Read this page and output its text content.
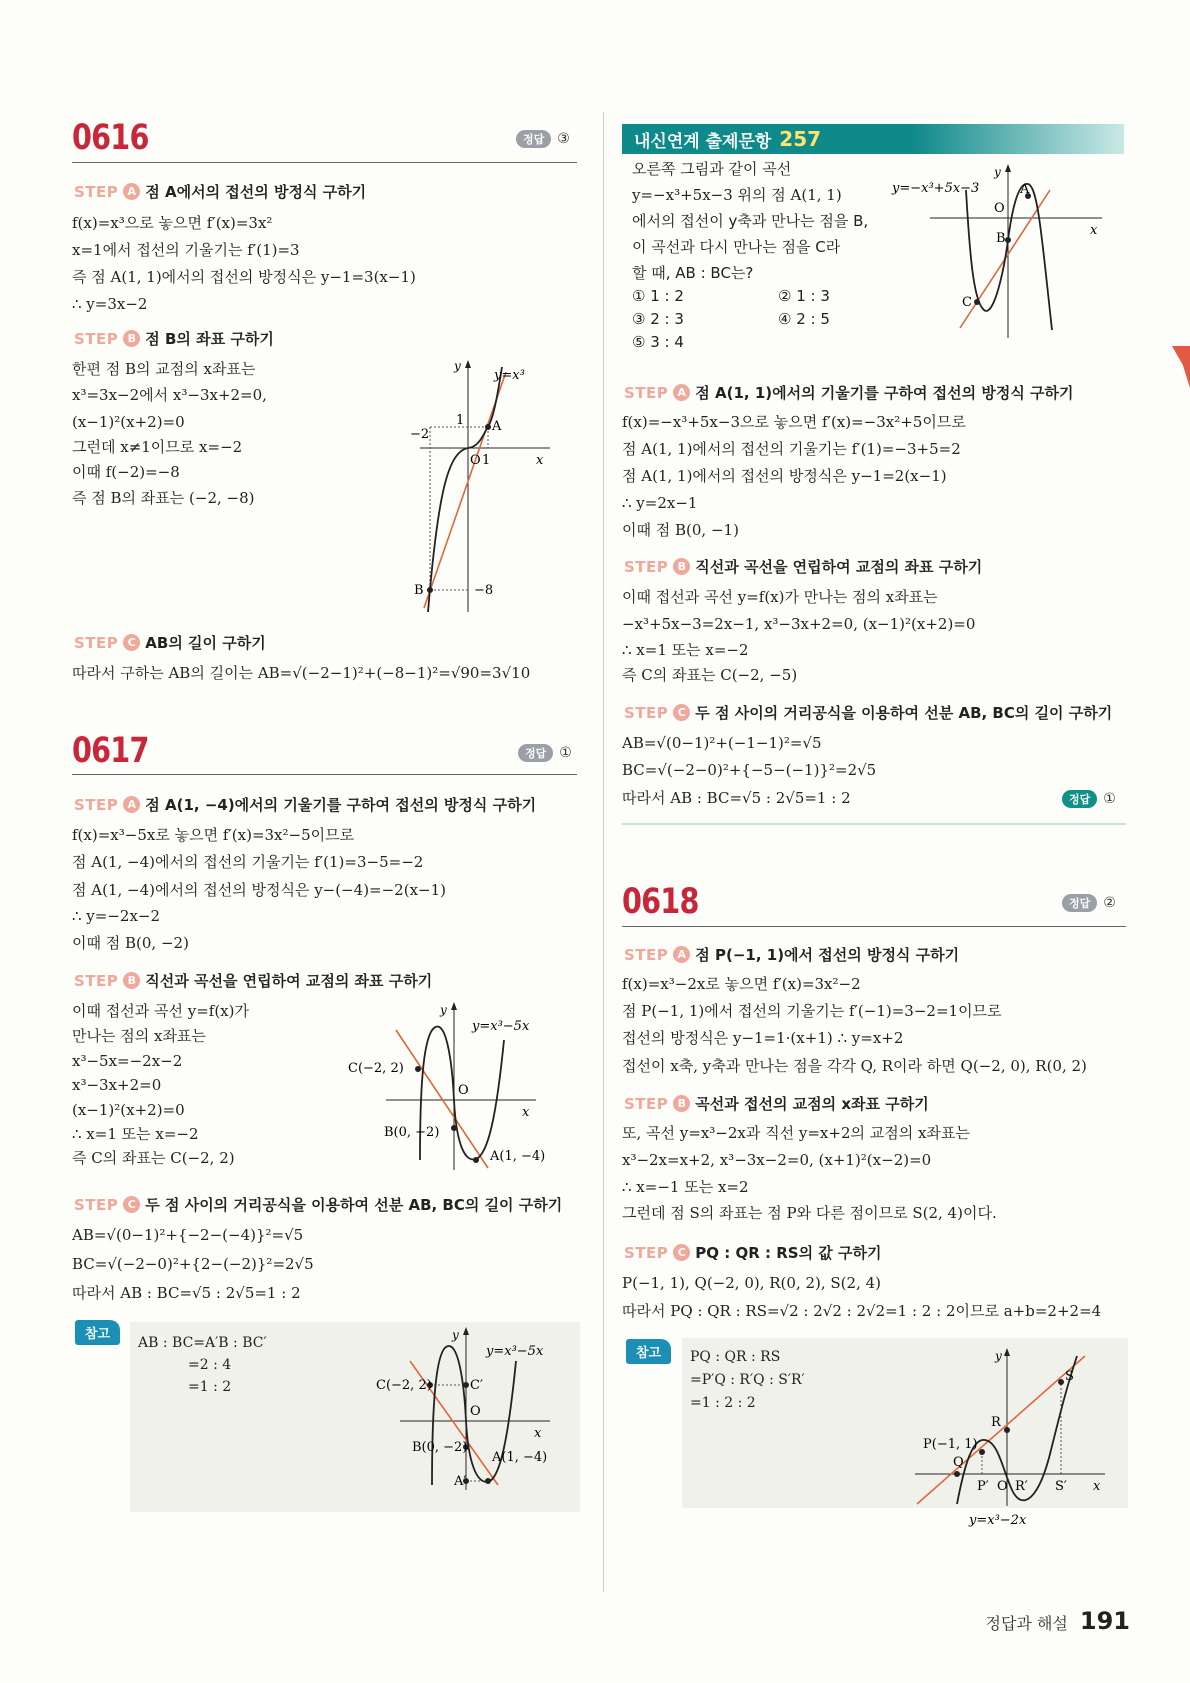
0616	정답 ③
STEP A 점 A에서의 접선의 방정식 구하기
f(x)=x³으로 놓으면 f′(x)=3x²
x=1에서 접선의 기울기는 f′(1)=3
즉 점 A(1, 1)에서의 접선의 방정식은 y−1=3(x−1)
∴ y=3x−2
STEP B 점 B의 좌표 구하기
한편 점 B의 교점의 x좌표는
x³=3x−2에서 x³−3x+2=0,
(x−1)²(x+2)=0
그런데 x≠1이므로 x=−2
이때 f(−2)=−8
즉 점 B의 좌표는 (−2, −8)
y=x³
y
x
O 1
1
−2
−8
A
B
STEP C AB의 길이 구하기
따라서 구하는 AB의 길이는 AB=√(−2−1)²+(−8−1)²=√90=3√10
0617	정답 ①
STEP A 점 A(1, −4)에서의 기울기를 구하여 접선의 방정식 구하기
f(x)=x³−5x로 놓으면 f′(x)=3x²−5이므로
점 A(1, −4)에서의 접선의 기울기는 f′(1)=3−5=−2
점 A(1, −4)에서의 접선의 방정식은 y−(−4)=−2(x−1)
∴ y=−2x−2
이때 점 B(0, −2)
STEP B 직선과 곡선을 연립하여 교점의 좌표 구하기
이때 접선과 곡선 y=f(x)가
만나는 점의 x좌표는
x³−5x=−2x−2
x³−3x+2=0
(x−1)²(x+2)=0
∴ x=1 또는 x=−2
즉 C의 좌표는 C(−2, 2)
y=x³−5x
y
x
O
C(−2, 2)
B(0, −2)
A(1, −4)
STEP C 두 점 사이의 거리공식을 이용하여 선분 AB, BC의 길이 구하기
AB=√(0−1)²+{−2−(−4)}²=√5
BC=√(−2−0)²+{2−(−2)}²=2√5
따라서 AB : BC=√5 : 2√5=1 : 2
참고
AB : BC=A′B : BC′
=2 : 4
=1 : 2
y=x³−5x
y
x
O
C(−2, 2)	C′
B(0, −2)
A′
A(1, −4)
내신연계 출제문항 257
오른쪽 그림과 같이 곡선
y=−x³+5x−3 위의 점 A(1, 1)
에서의 접선이 y축과 만나는 점을 B,
이 곡선과 다시 만나는 점을 C라
할 때, AB : BC는?
① 1 : 2	② 1 : 3
③ 2 : 3	④ 2 : 5
⑤ 3 : 4
y=−x³+5x−3
y
x
O
A
B
C
STEP A 점 A(1, 1)에서의 기울기를 구하여 접선의 방정식 구하기
f(x)=−x³+5x−3으로 놓으면 f′(x)=−3x²+5이므로
점 A(1, 1)에서의 접선의 기울기는 f′(1)=−3+5=2
점 A(1, 1)에서의 접선의 방정식은 y−1=2(x−1)
∴ y=2x−1
이때 점 B(0, −1)
STEP B 직선과 곡선을 연립하여 교점의 좌표 구하기
이때 접선과 곡선 y=f(x)가 만나는 점의 x좌표는
−x³+5x−3=2x−1, x³−3x+2=0, (x−1)²(x+2)=0
∴ x=1 또는 x=−2
즉 C의 좌표는 C(−2, −5)
STEP C 두 점 사이의 거리공식을 이용하여 선분 AB, BC의 길이 구하기
AB=√(0−1)²+(−1−1)²=√5
BC=√(−2−0)²+{−5−(−1)}²=2√5
따라서 AB : BC=√5 : 2√5=1 : 2	정답 ①
0618	정답 ②
STEP A 점 P(−1, 1)에서 접선의 방정식 구하기
f(x)=x³−2x로 놓으면 f′(x)=3x²−2
점 P(−1, 1)에서 접선의 기울기는 f′(−1)=3−2=1이므로
접선의 방정식은 y−1=1·(x+1) ∴ y=x+2
접선이 x축, y축과 만나는 점을 각각 Q, R이라 하면 Q(−2, 0), R(0, 2)
STEP B 곡선과 접선의 교점의 x좌표 구하기
또, 곡선 y=x³−2x과 직선 y=x+2의 교점의 x좌표는
x³−2x=x+2, x³−3x−2=0, (x+1)²(x−2)=0
∴ x=−1 또는 x=2
그런데 점 S의 좌표는 점 P와 다른 점이므로 S(2, 4)이다.
STEP C PQ : QR : RS의 값 구하기
P(−1, 1), Q(−2, 0), R(0, 2), S(2, 4)
따라서 PQ : QR : RS=√2 : 2√2 : 2√2=1 : 2 : 2이므로 a+b=2+2=4
참고	PQ : QR : RS
=P′Q : R′Q : S′R′
=1 : 2 : 2
y=x³−2x
y
x
O
P(−1, 1)
Q
R
S
P′ R′ S′
정답과 해설 191
